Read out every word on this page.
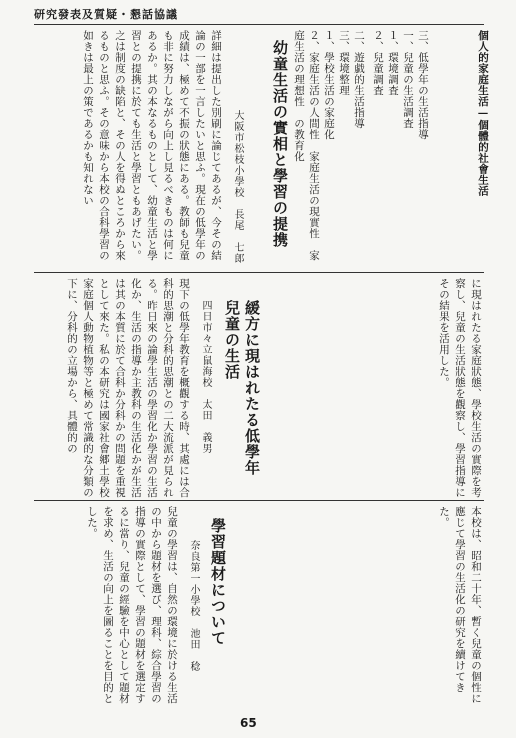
研究發表及質疑・懇話協議
個人的家庭生活—個體的社會生活
三、低學年の生活指導
一、兒童の生活調査
１、環境調査
２、兒童調査
二、遊戯的生活指導
三、環境整理
１、學校生活の家庭化
２、家庭生活の人間性　家庭生活の現實性　家庭生活の理想性　の教育化
幼童生活の實相と學習の提携
大阪市松枝小學校　長尾　七郎
詳細は提出した別刷に論じてあるが、今その結論の一部を一言したいと思ふ。現在の低學年の成績は、極めて不振の狀態にある。教師も兒童も非に努力しながら向上し見るべきものは何にあるか。其の本なるものとして、幼童生活と學習との提携に於ても生活と學習ともあげたい。
之は制度の缺陷と、その人を得ぬところから來るものと思ふ。その意味から本校の合科學習の如きは最上の策であるかも知れない
緩方に現はれたる低學年兒童の生活
四日市々立鼠海校　太田　義男	に現はれたる家庭狀態、學校生活の實際を考察し、兒童の生活狀態を觀察し、學習指導にその結果を活用した。
現下の低學年教育を概觀する時、其處には合科的思潮と分科的思潮との二大流派が見られる。昨日來の論學生活の學習化か學習の生活化か、生活の指導か主教科の生活化かが生活は其の本質に於て合科か分科かの問題を重視として來た。私の本研究は國家社會郷土學校家庭個人動物植物等と極めて常識的な分類の下に、分科的の立場から、具體的の
學習題材について
奈良第一小學校　池田　稔	本校は、昭和二十年、暫く兒童の個性に應じて學習の生活化の研究を續けてきた。
兒童の學習は、自然の環境に於ける生活の中から題材を選び、理科、綜合學習の指導の實際として、學習の題材を選定するに當り、兒童の經驗を中心として題材を求め、生活の向上を圖ることを目的とした。
65
